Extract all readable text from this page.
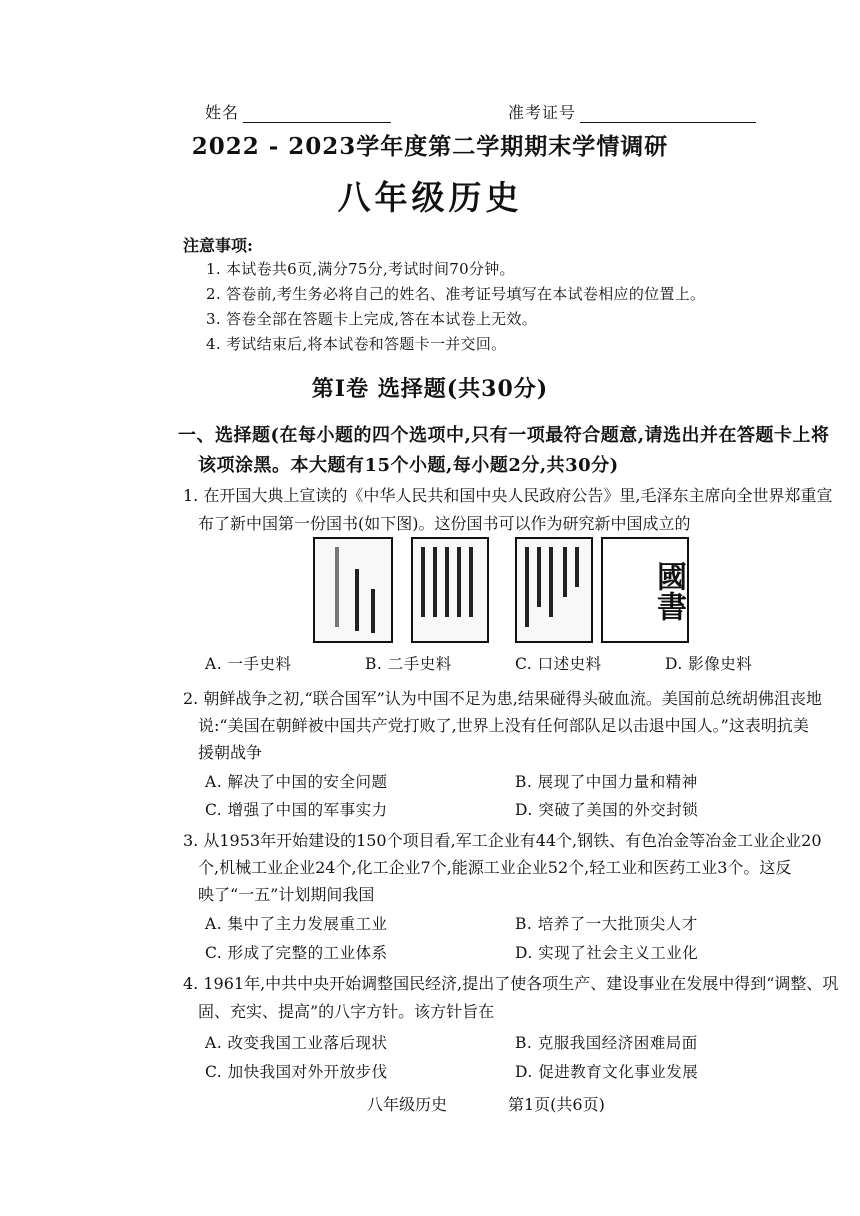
姓名	准考证号
2022 - 2023学年度第二学期期末学情调研
八年级历史
注意事项:
1. 本试卷共6页,满分75分,考试时间70分钟。
2. 答卷前,考生务必将自己的姓名、准考证号填写在本试卷相应的位置上。
3. 答卷全部在答题卡上完成,答在本试卷上无效。
4. 考试结束后,将本试卷和答题卡一并交回。
第Ⅰ卷 选择题(共30分)
一、选择题(在每小题的四个选项中,只有一项最符合题意,请选出并在答题卡上将
该项涂黑。本大题有15个小题,每小题2分,共30分)
1. 在开国大典上宣读的《中华人民共和国中央人民政府公告》里,毛泽东主席向全世界郑重宣
布了新中国第一份国书(如下图)。这份国书可以作为研究新中国成立的
國書
A. 一手史料	B. 二手史料	C. 口述史料	D. 影像史料
2. 朝鲜战争之初,“联合国军”认为中国不足为患,结果碰得头破血流。美国前总统胡佛沮丧地
说:“美国在朝鲜被中国共产党打败了,世界上没有任何部队足以击退中国人。”这表明抗美
援朝战争
A. 解决了中国的安全问题	B. 展现了中国力量和精神
C. 增强了中国的军事实力	D. 突破了美国的外交封锁
3. 从1953年开始建设的150个项目看,军工企业有44个,钢铁、有色冶金等冶金工业企业20
个,机械工业企业24个,化工企业7个,能源工业企业52个,轻工业和医药工业3个。这反
映了“一五”计划期间我国
A. 集中了主力发展重工业	B. 培养了一大批顶尖人才
C. 形成了完整的工业体系	D. 实现了社会主义工业化
4. 1961年,中共中央开始调整国民经济,提出了使各项生产、建设事业在发展中得到“调整、巩
固、充实、提高”的八字方针。该方针旨在
A. 改变我国工业落后现状	B. 克服我国经济困难局面
C. 加快我国对外开放步伐	D. 促进教育文化事业发展
八年级历史	第1页(共6页)
